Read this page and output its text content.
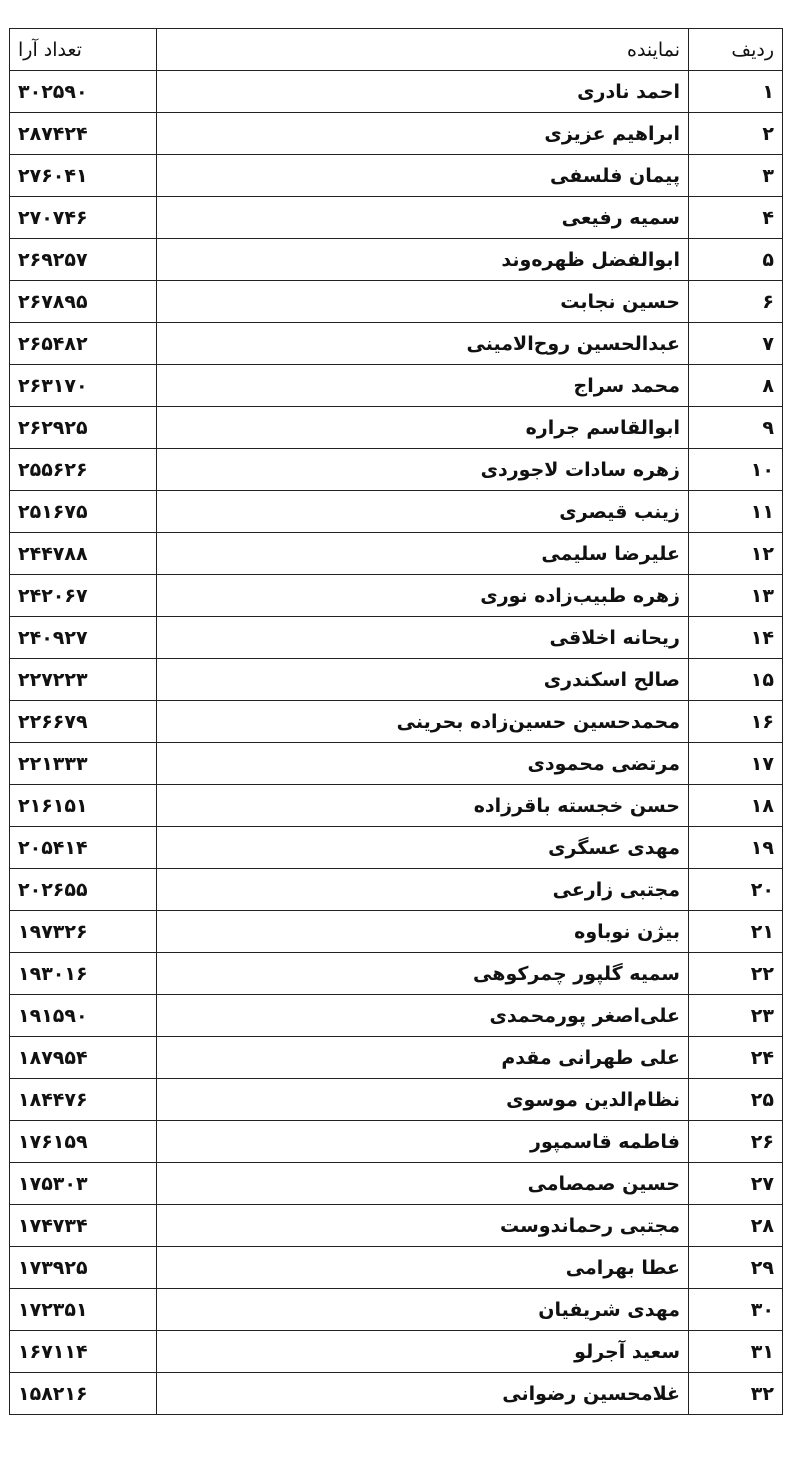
ردیف	نماینده	تعداد آرا
۱	احمد نادری	۳۰۲۵۹۰
۲	ابراهیم عزیزی	۲۸۷۴۲۴
۳	پیمان فلسفی	۲۷۶۰۴۱
۴	سمیه رفیعی	۲۷۰۷۴۶
۵	ابوالفضل ظهره‌وند	۲۶۹۲۵۷
۶	حسین نجابت	۲۶۷۸۹۵
۷	عبدالحسین روح‌الامینی	۲۶۵۴۸۲
۸	محمد سراج	۲۶۳۱۷۰
۹	ابوالقاسم جراره	۲۶۲۹۲۵
۱۰	زهره سادات لاجوردی	۲۵۵۶۲۶
۱۱	زینب قیصری	۲۵۱۶۷۵
۱۲	علیرضا سلیمی	۲۴۴۷۸۸
۱۳	زهره طبیب‌زاده نوری	۲۴۲۰۶۷
۱۴	ریحانه اخلاقی	۲۴۰۹۲۷
۱۵	صالح اسکندری	۲۲۷۲۲۳
۱۶	محمدحسین حسین‌زاده بحرینی	۲۲۶۶۷۹
۱۷	مرتضی محمودی	۲۲۱۳۳۳
۱۸	حسن خجسته باقرزاده	۲۱۶۱۵۱
۱۹	مهدی عسگری	۲۰۵۴۱۴
۲۰	مجتبی زارعی	۲۰۲۶۵۵
۲۱	بیژن نوباوه	۱۹۷۳۲۶
۲۲	سمیه گلپور چمرکوهی	۱۹۳۰۱۶
۲۳	علی‌اصغر پورمحمدی	۱۹۱۵۹۰
۲۴	علی طهرانی مقدم	۱۸۷۹۵۴
۲۵	نظام‌الدین موسوی	۱۸۴۴۷۶
۲۶	فاطمه قاسمپور	۱۷۶۱۵۹
۲۷	حسین صمصامی	۱۷۵۳۰۳
۲۸	مجتبی رحماندوست	۱۷۴۷۳۴
۲۹	عطا بهرامی	۱۷۳۹۲۵
۳۰	مهدی شریفیان	۱۷۲۳۵۱
۳۱	سعید آجرلو	۱۶۷۱۱۴
۳۲	غلامحسین رضوانی	۱۵۸۲۱۶
